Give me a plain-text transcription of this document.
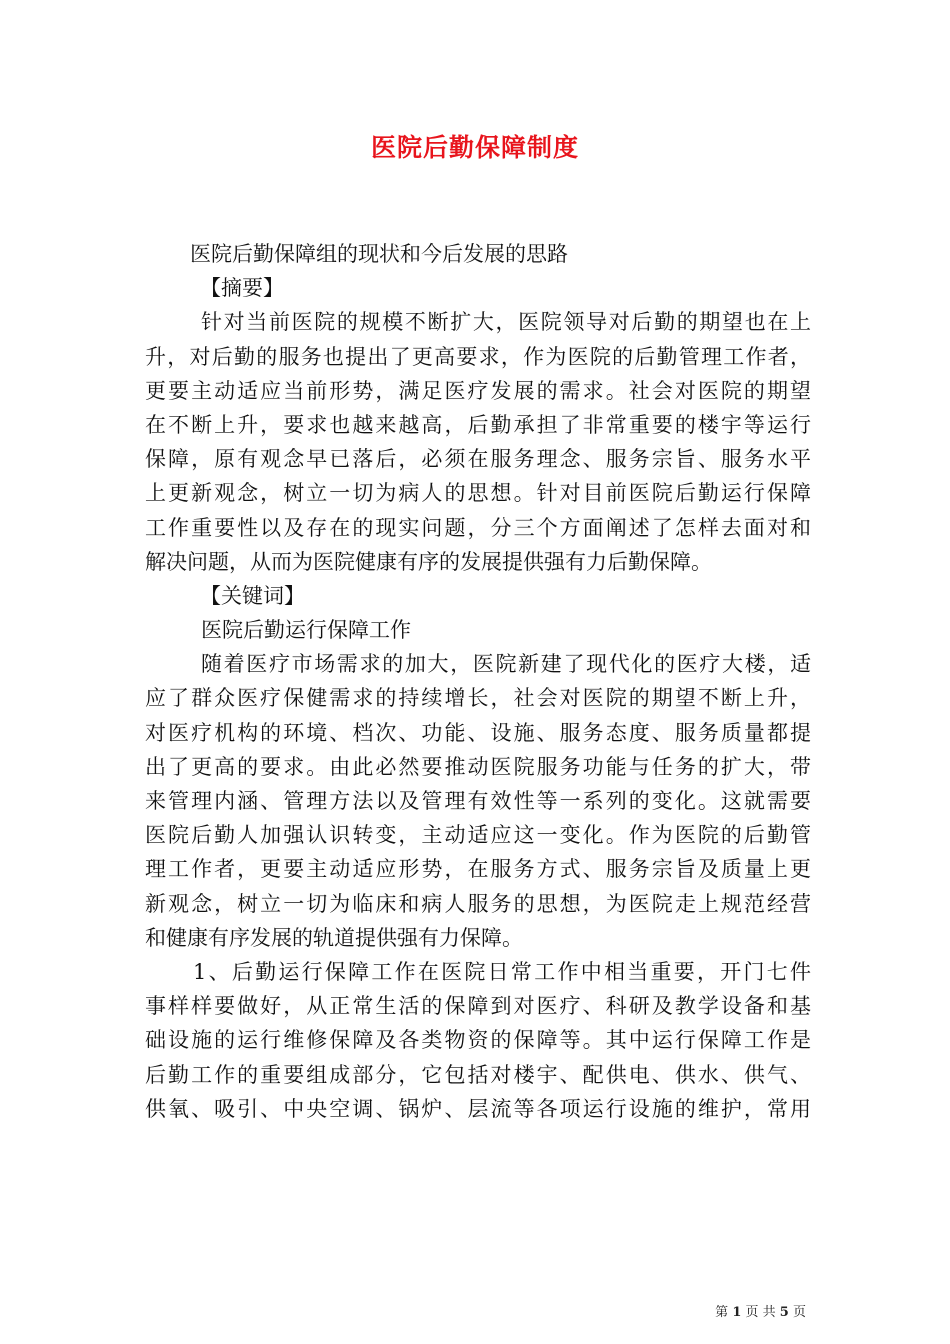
医院后勤保障制度
医院后勤保障组的现状和今后发展的思路
【摘要】
针对当前医院的规模不断扩大，医院领导对后勤的期望也在上
升，对后勤的服务也提出了更高要求，作为医院的后勤管理工作者，
更要主动适应当前形势，满足医疗发展的需求。社会对医院的期望
在不断上升，要求也越来越高，后勤承担了非常重要的楼宇等运行
保障，原有观念早已落后，必须在服务理念、服务宗旨、服务水平
上更新观念，树立一切为病人的思想。针对目前医院后勤运行保障
工作重要性以及存在的现实问题，分三个方面阐述了怎样去面对和
解决问题，从而为医院健康有序的发展提供强有力后勤保障。
【关键词】
医院后勤运行保障工作
随着医疗市场需求的加大，医院新建了现代化的医疗大楼，适
应了群众医疗保健需求的持续增长，社会对医院的期望不断上升，
对医疗机构的环境、档次、功能、设施、服务态度、服务质量都提
出了更高的要求。由此必然要推动医院服务功能与任务的扩大，带
来管理内涵、管理方法以及管理有效性等一系列的变化。这就需要
医院后勤人加强认识转变，主动适应这一变化。作为医院的后勤管
理工作者，更要主动适应形势，在服务方式、服务宗旨及质量上更
新观念，树立一切为临床和病人服务的思想，为医院走上规范经营
和健康有序发展的轨道提供强有力保障。
1、后勤运行保障工作在医院日常工作中相当重要，开门七件
事样样要做好，从正常生活的保障到对医疗、科研及教学设备和基
础设施的运行维修保障及各类物资的保障等。其中运行保障工作是
后勤工作的重要组成部分，它包括对楼宇、配供电、供水、供气、
供氧、吸引、中央空调、锅炉、层流等各项运行设施的维护，常用
第 1 页 共 5 页
